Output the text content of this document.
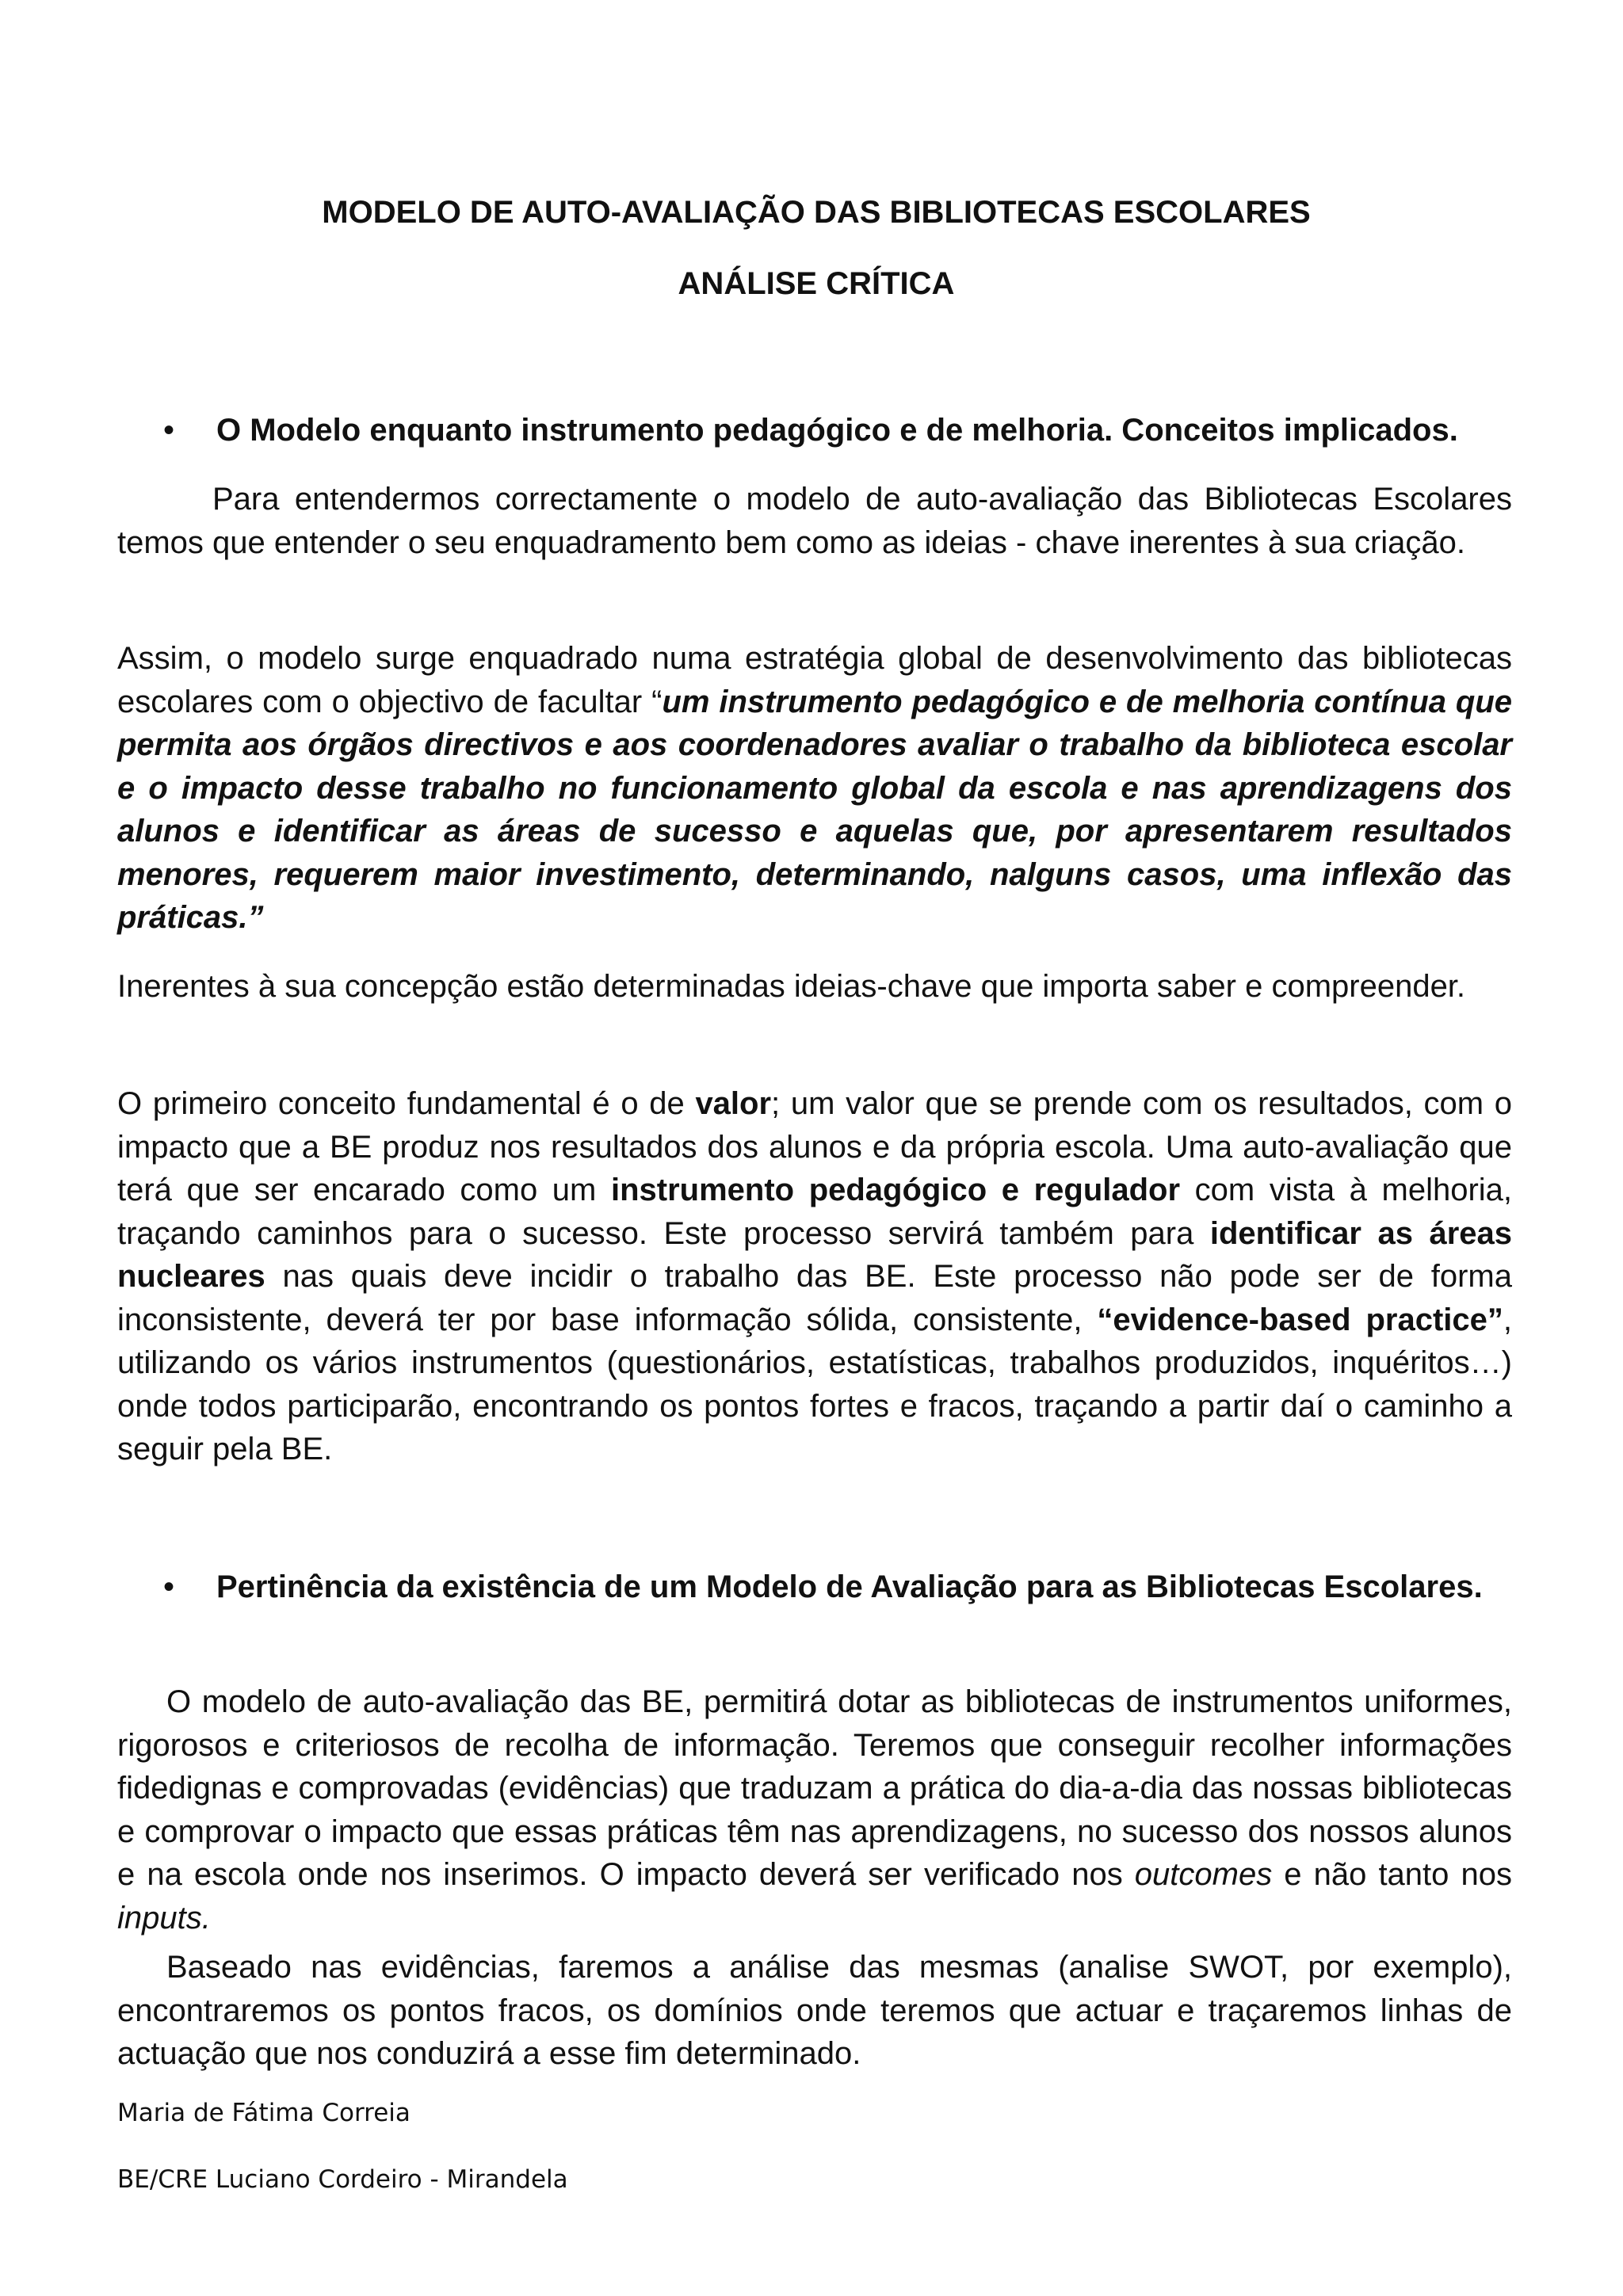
MODELO DE AUTO-AVALIAÇÃO DAS BIBLIOTECAS ESCOLARES
ANÁLISE CRÍTICA
• O Modelo enquanto instrumento pedagógico e de melhoria. Conceitos implicados.

Para entendermos correctamente o modelo de auto-avaliação das Bibliotecas Escolares temos que entender o seu enquadramento bem como as ideias - chave inerentes à sua criação.

Assim, o modelo surge enquadrado numa estratégia global de desenvolvimento das bibliotecas escolares com o objectivo de facultar “um instrumento pedagógico e de melhoria contínua que permita aos órgãos directivos e aos coordenadores avaliar o trabalho da biblioteca escolar e o impacto desse trabalho no funcionamento global da escola e nas aprendizagens dos alunos e identificar as áreas de sucesso e aquelas que, por apresentarem resultados menores, requerem maior investimento, determinando, nalguns casos, uma inflexão das práticas.”

Inerentes à sua concepção estão determinadas ideias-chave que importa saber e compreender.

O primeiro conceito fundamental é o de valor; um valor que se prende com os resultados, com o impacto que a BE produz nos resultados dos alunos e da própria escola. Uma auto-avaliação que terá que ser encarado como um instrumento pedagógico e regulador com vista à melhoria, traçando caminhos para o sucesso. Este processo servirá também para identificar as áreas nucleares nas quais deve incidir o trabalho das BE. Este processo não pode ser de forma inconsistente, deverá ter por base informação sólida, consistente, “evidence-based practice”, utilizando os vários instrumentos (questionários, estatísticas, trabalhos produzidos, inquéritos…) onde todos participarão, encontrando os pontos fortes e fracos, traçando a partir daí o caminho a seguir pela BE.

• Pertinência da existência de um Modelo de Avaliação para as Bibliotecas Escolares.

O modelo de auto-avaliação das BE, permitirá dotar as bibliotecas de instrumentos uniformes, rigorosos e criteriosos de recolha de informação. Teremos que conseguir recolher informações fidedignas e comprovadas (evidências) que traduzam a prática do dia-a-dia das nossas bibliotecas e comprovar o impacto que essas práticas têm nas aprendizagens, no sucesso dos nossos alunos e na escola onde nos inserimos. O impacto deverá ser verificado nos outcomes e não tanto nos inputs.

Baseado nas evidências, faremos a análise das mesmas (analise SWOT, por exemplo), encontraremos os pontos fracos, os domínios onde teremos que actuar e traçaremos linhas de actuação que nos conduzirá a esse fim determinado.

Maria de Fátima Correia

BE/CRE Luciano Cordeiro - Mirandela
